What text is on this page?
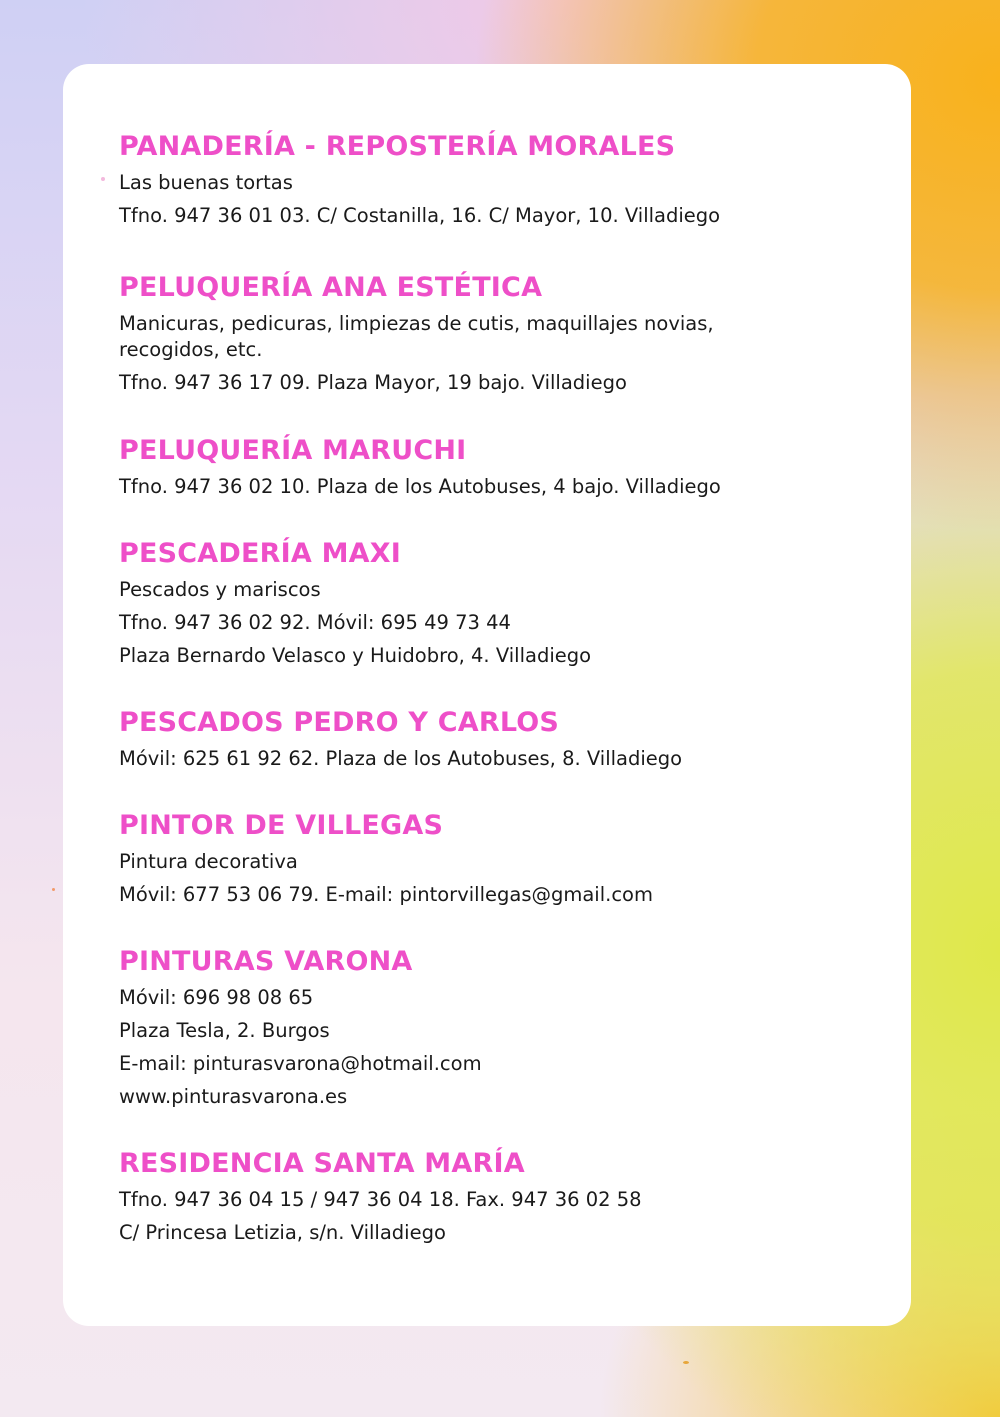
PANADERÍA - REPOSTERÍA MORALES

Las buenas tortas

Tfno. 947 36 01 03. C/ Costanilla, 16. C/ Mayor, 10. Villadiego

PELUQUERÍA ANA ESTÉTICA

Manicuras, pedicuras, limpiezas de cutis, maquillajes novias, recogidos, etc.

Tfno. 947 36 17 09. Plaza Mayor, 19 bajo. Villadiego

PELUQUERÍA MARUCHI

Tfno. 947 36 02 10. Plaza de los Autobuses, 4 bajo. Villadiego

PESCADERÍA MAXI

Pescados y mariscos

Tfno. 947 36 02 92. Móvil: 695 49 73 44

Plaza Bernardo Velasco y Huidobro, 4. Villadiego

PESCADOS PEDRO Y CARLOS

Móvil: 625 61 92 62. Plaza de los Autobuses, 8. Villadiego

PINTOR DE VILLEGAS

Pintura decorativa

Móvil: 677 53 06 79. E-mail: pintorvillegas@gmail.com

PINTURAS VARONA

Móvil: 696 98 08 65

Plaza Tesla, 2. Burgos

E-mail: pinturasvarona@hotmail.com

www.pinturasvarona.es

RESIDENCIA SANTA MARÍA

Tfno. 947 36 04 15 / 947 36 04 18. Fax. 947 36 02 58

C/ Princesa Letizia, s/n. Villadiego
